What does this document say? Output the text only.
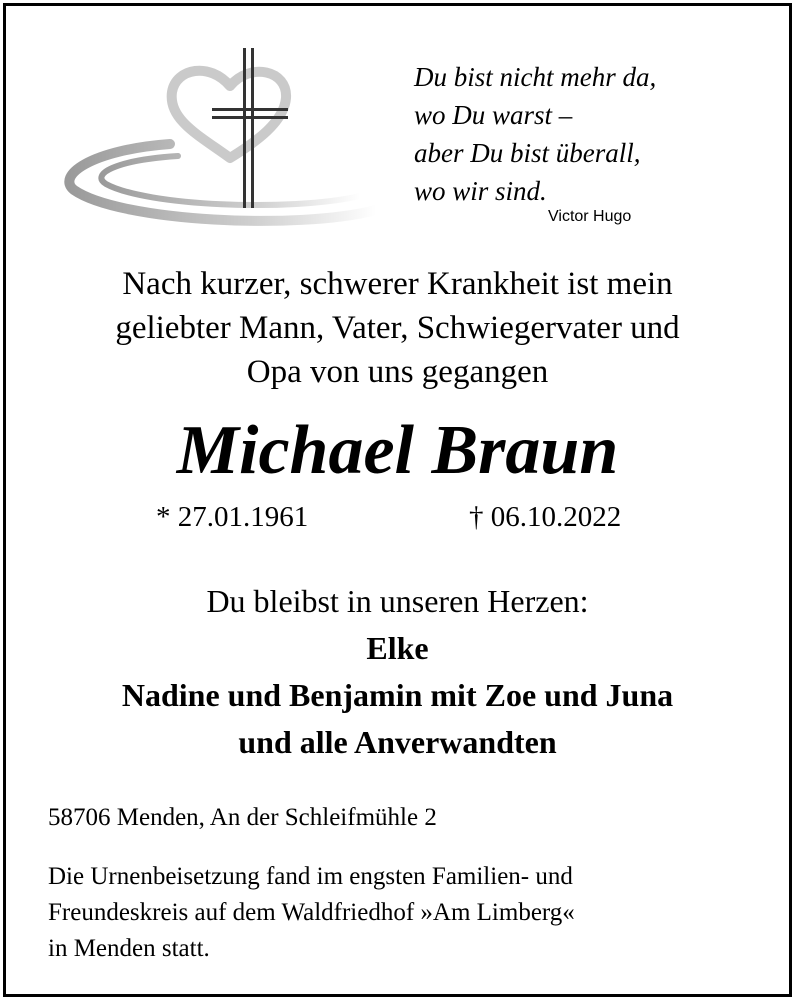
Du bist nicht mehr da,
wo Du warst –
aber Du bist überall,
wo wir sind.
Victor Hugo
Nach kurzer, schwerer Krankheit ist mein
geliebter Mann, Vater, Schwiegervater und
Opa von uns gegangen
Michael Braun
* 27.01.1961	† 06.10.2022
Du bleibst in unseren Herzen:
Elke
Nadine und Benjamin mit Zoe und Juna
und alle Anverwandten
58706 Menden, An der Schleifmühle 2
Die Urnenbeisetzung fand im engsten Familien- und
Freundeskreis auf dem Waldfriedhof »Am Limberg«
in Menden statt.
